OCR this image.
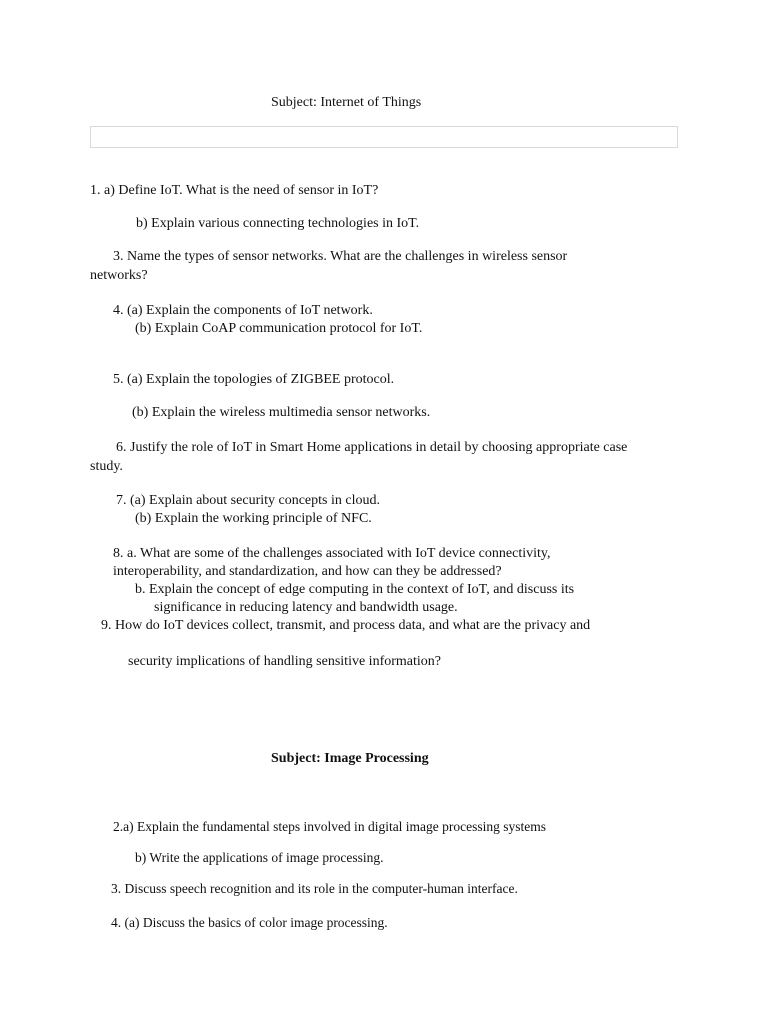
Subject: Internet of Things
1. a) Define IoT. What is the need of sensor in IoT?
b) Explain various connecting technologies in IoT.
3. Name the types of sensor networks. What are the challenges in wireless sensor
networks?
4. (a) Explain the components of IoT network.
(b) Explain CoAP communication protocol for IoT.
5. (a) Explain the topologies of ZIGBEE protocol.
(b) Explain the wireless multimedia sensor networks.
6. Justify the role of IoT in Smart Home applications in detail by choosing appropriate case
study.
7. (a) Explain about security concepts in cloud.
(b) Explain the working principle of NFC.
8. a. What are some of the challenges associated with IoT device connectivity,
interoperability, and standardization, and how can they be addressed?
b. Explain the concept of edge computing in the context of IoT, and discuss its
significance in reducing latency and bandwidth usage.
9. How do IoT devices collect, transmit, and process data, and what are the privacy and
security implications of handling sensitive information?
Subject: Image Processing
2.a) Explain the fundamental steps involved in digital image processing systems
b) Write the applications of image processing.
3. Discuss speech recognition and its role in the computer-human interface.
4. (a) Discuss the basics of color image processing.
